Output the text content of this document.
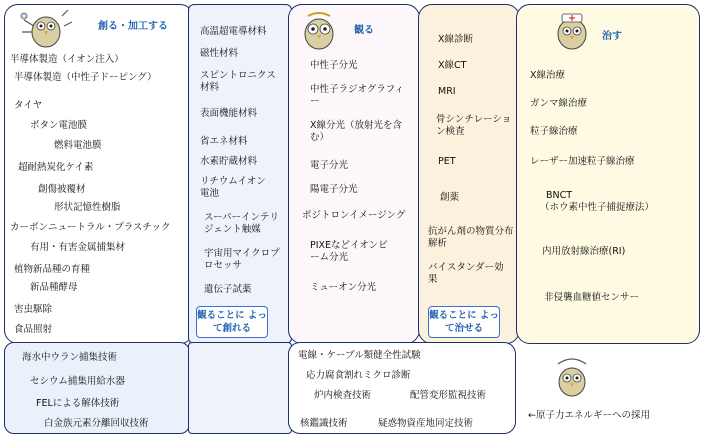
創る・加工する
半導体製造（イオン注入）
半導体製造（中性子ドーピング）
タイヤ
ボタン電池膜
燃料電池膜
超耐熱炭化ケイ素
創傷被覆材
形状記憶性樹脂
カーボンニュートラル・プラスチック
有用・有害金属捕集材
植物新品種の育種
新品種酵母
害虫駆除
食品照射
高温超電導材料
磁性材料
スピントロニクス材料
表面機能材料
省エネ材料
水素貯蔵材料
リチウムイオン電池
スーパーインテリジェント触媒
宇宙用マイクロプロセッサ
遺伝子試薬
観ることに よって創れる
観る
中性子分光
中性子ラジオグラフィー
X線分光（放射光を含む）
電子分光
陽電子分光
ポジトロンイメージング
PIXEなどイオンビーム分光
ミューオン分光
X線診断
X線CT
MRI
骨シンチレーション検査
PET
創薬
抗がん剤の物質分布解析
バイスタンダー効果
観ることに よって治せる
治す
X線治療
ガンマ線治療
粒子線治療
レーザー加速粒子線治療
BNCT
（ホウ素中性子捕捉療法）
内用放射線治療(RI)
非侵襲血糖値センサー
海水中ウラン捕集技術
セシウム捕集用給水器
FELによる解体技術
白金族元素分離回収技術
電線・ケーブル類健全性試験
応力腐食割れミクロ診断
炉内検査技術	配管変形監視技術
核鑑識技術	疑惑物資産地同定技術
←原子力エネルギーへの採用
